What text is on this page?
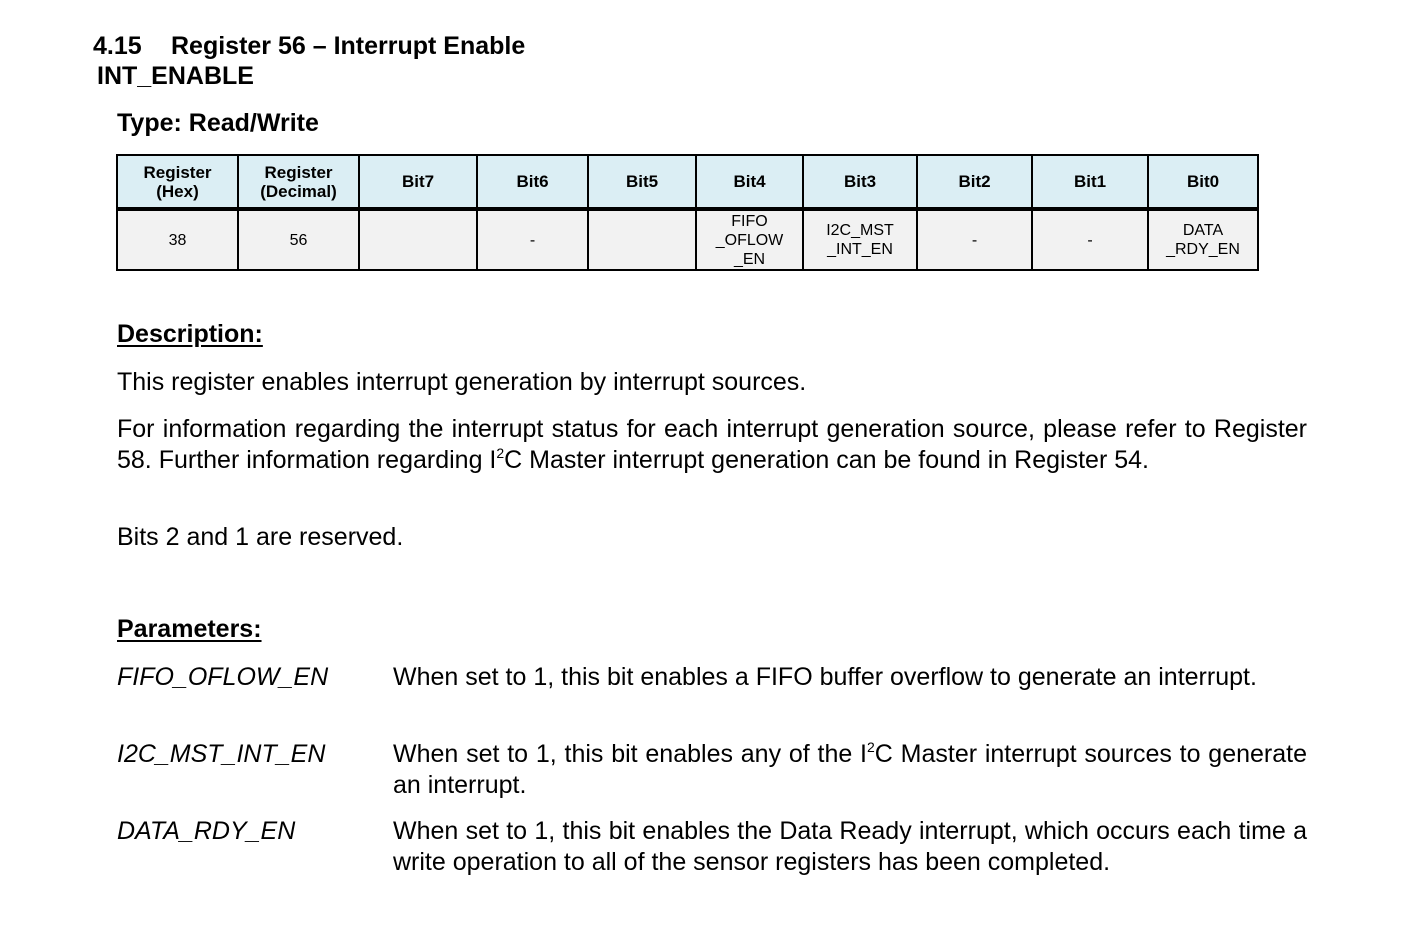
4.15 Register 56 – Interrupt Enable
INT_ENABLE
Type: Read/Write
Register
(Hex)	Register
(Decimal)	Bit7	Bit6	Bit5	Bit4	Bit3	Bit2	Bit1	Bit0
38	56		-		FIFO
_OFLOW
_EN	I2C_MST
_INT_EN	-	-	DATA
_RDY_EN
Description:
This register enables interrupt generation by interrupt sources.
For information regarding the interrupt status for each interrupt generation source, please refer to Register 58. Further information regarding $I^2C$ Master interrupt generation can be found in Register 54.
Bits 2 and 1 are reserved.
Parameters:
FIFO_OFLOW_EN	When set to 1, this bit enables a FIFO buffer overflow to generate an interrupt.
I2C_MST_INT_EN	When set to 1, this bit enables any of the $I^2C$ Master interrupt sources to generate an interrupt.
DATA_RDY_EN	When set to 1, this bit enables the Data Ready interrupt, which occurs each time a write operation to all of the sensor registers has been completed.
